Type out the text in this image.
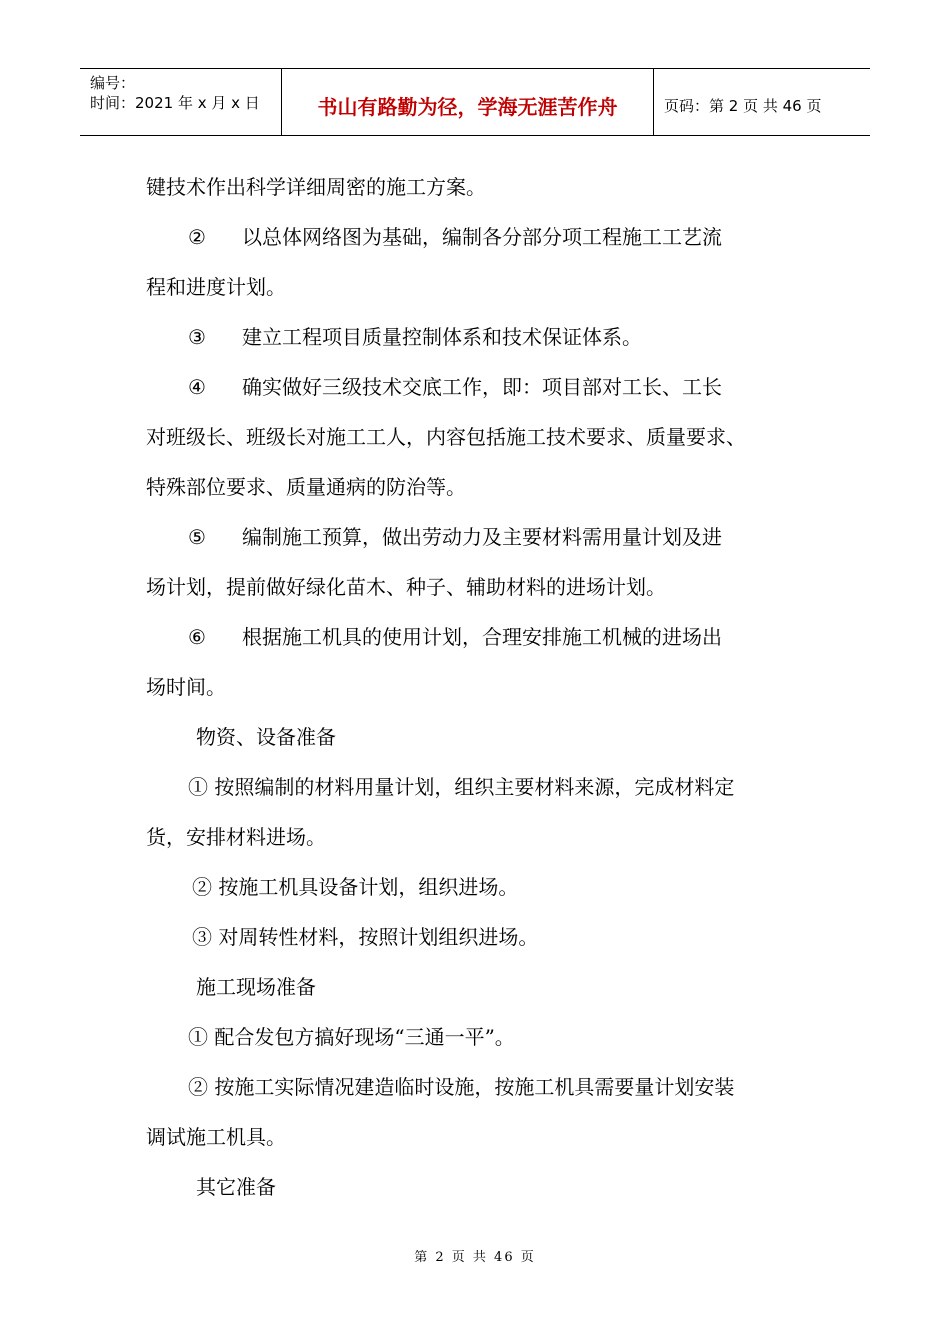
编号：
时间：2021 年 x 月 x 日	书山有路勤为径，学海无涯苦作舟	页码：第 2 页 共 46 页
键技术作出科学详细周密的施工方案。
② 以总体网络图为基础，编制各分部分项工程施工工艺流
程和进度计划。
③ 建立工程项目质量控制体系和技术保证体系。
④ 确实做好三级技术交底工作，即：项目部对工长、工长
对班级长、班级长对施工工人，内容包括施工技术要求、质量要求、
特殊部位要求、质量通病的防治等。
⑤ 编制施工预算，做出劳动力及主要材料需用量计划及进
场计划，提前做好绿化苗木、种子、辅助材料的进场计划。
⑥ 根据施工机具的使用计划，合理安排施工机械的进场出
场时间。
物资、设备准备
① 按照编制的材料用量计划，组织主要材料来源，完成材料定
货，安排材料进场。
② 按施工机具设备计划，组织进场。
③ 对周转性材料，按照计划组织进场。
施工现场准备
① 配合发包方搞好现场“三通一平”。
② 按施工实际情况建造临时设施，按施工机具需要量计划安装
调试施工机具。
其它准备
第 2 页 共 46 页
